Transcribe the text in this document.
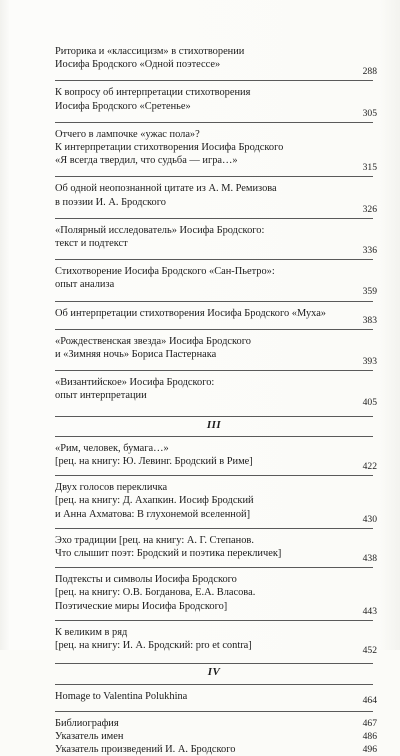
Риторика и «классицизм» в стихотворении
Иосифа Бродского «Одной поэтессе»
288
К вопросу об интерпретации стихотворения
Иосифа Бродского «Сретенье»
305
Отчего в лампочке «ужас пола»?
К интерпретации стихотворения Иосифа Бродского
«Я всегда твердил, что судьба — игра…»
315
Об одной неопознанной цитате из А. М. Ремизова
в поэзии И. А. Бродского
326
«Полярный исследователь» Иосифа Бродского:
текст и подтекст
336
Стихотворение Иосифа Бродского «Сан-Пьетро»:
опыт анализа
359
Об интерпретации стихотворения Иосифа Бродского «Муха»
383
«Рождественская звезда» Иосифа Бродского
и «Зимняя ночь» Бориса Пастернака
393
«Византийское» Иосифа Бродского:
опыт интерпретации
405
III
«Рим, человек, бумага…»
[рец. на книгу: Ю. Левинг. Бродский в Риме]	422
Двух голосов перекличка
[рец. на книгу: Д. Ахапкин. Иосиф Бродский
и Анна Ахматова: В глухонемой вселенной]	430
Эхо традиции [рец. на книгу: А. Г. Степанов.
Что слышит поэт: Бродский и поэтика перекличек]	438
Подтексты и символы Иосифа Бродского
[рец. на книгу: О.В. Богданова, Е.А. Власова.
Поэтические миры Иосифа Бродского]	443
К великим в ряд
[рец. на книгу: И. А. Бродский: pro et contra]	452
IV
Homage to Valentina Polukhina	464
Библиография	467
Указатель имен	486
Указатель произведений И. А. Бродского	496
